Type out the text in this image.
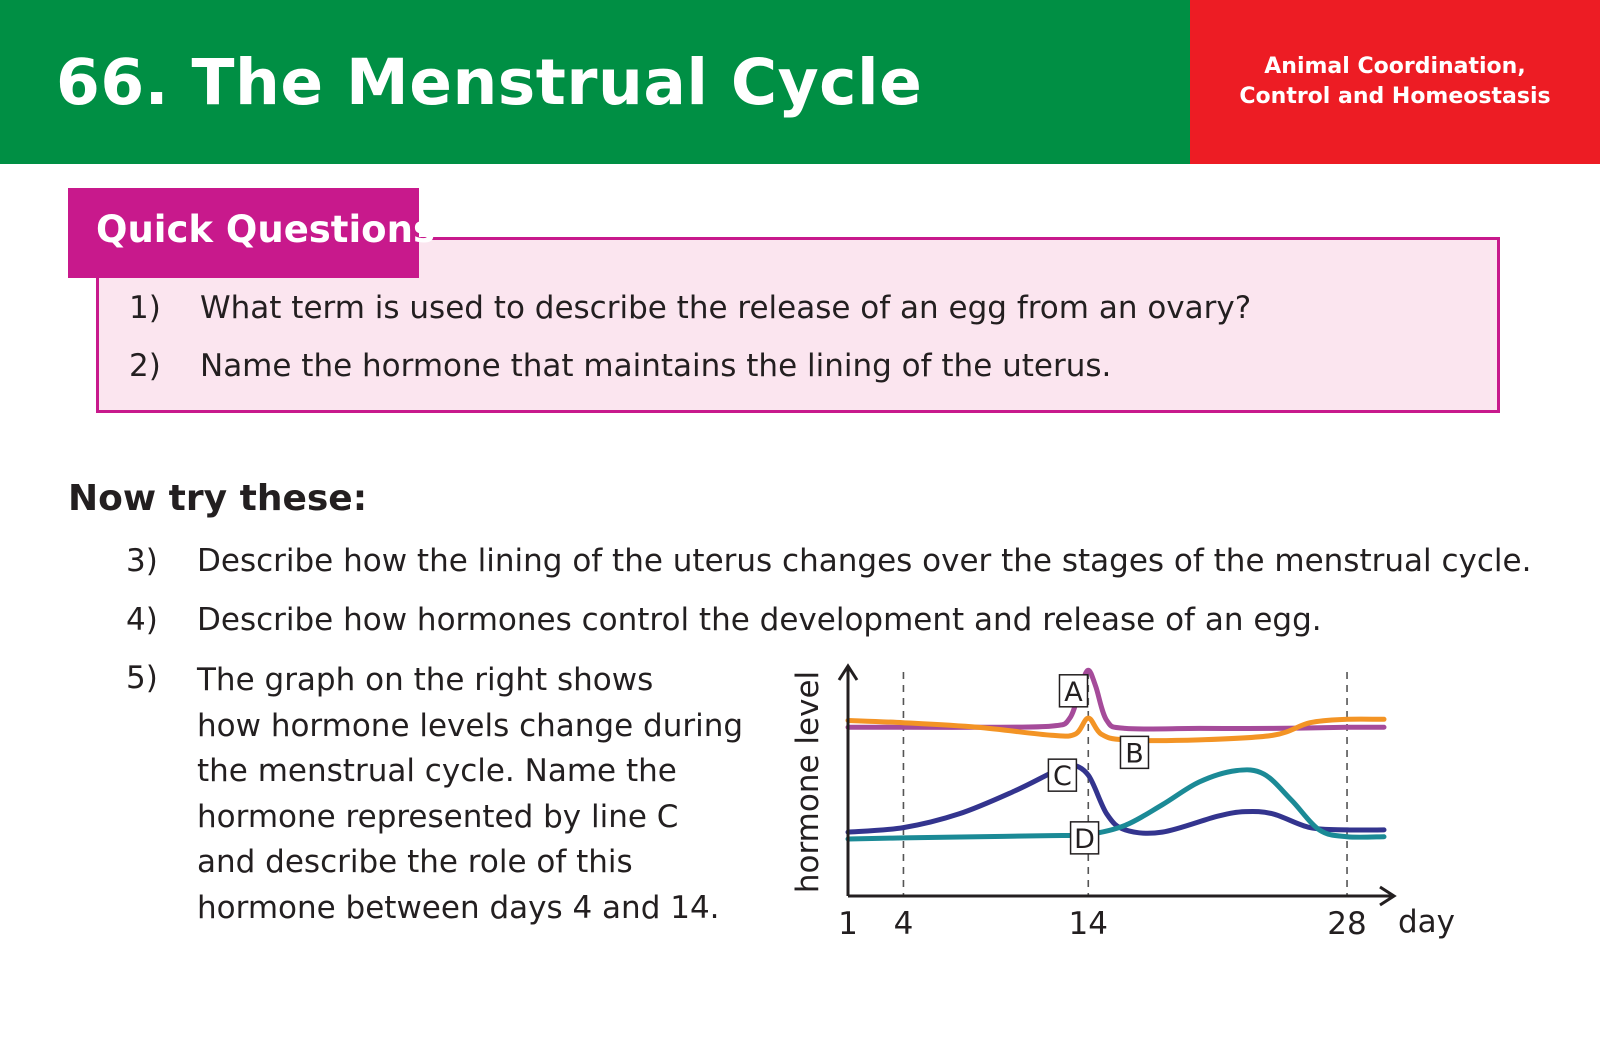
66. The Menstrual Cycle	Animal Coordination,
Control and Homeostasis
1) What term is used to describe the release of an egg from an ovary?
2) Name the hormone that maintains the lining of the uterus.
Quick Questions
Now try these:
3) Describe how the lining of the uterus changes over the stages of the menstrual cycle.
4) Describe how hormones control the development and release of an egg.
5) The graph on the right shows
how hormone levels change during
the menstrual cycle. Name the
hormone represented by line C
and describe the role of this
hormone between days 4 and 14.
hormone level
day
1 4	14	28
A
B
C
D
